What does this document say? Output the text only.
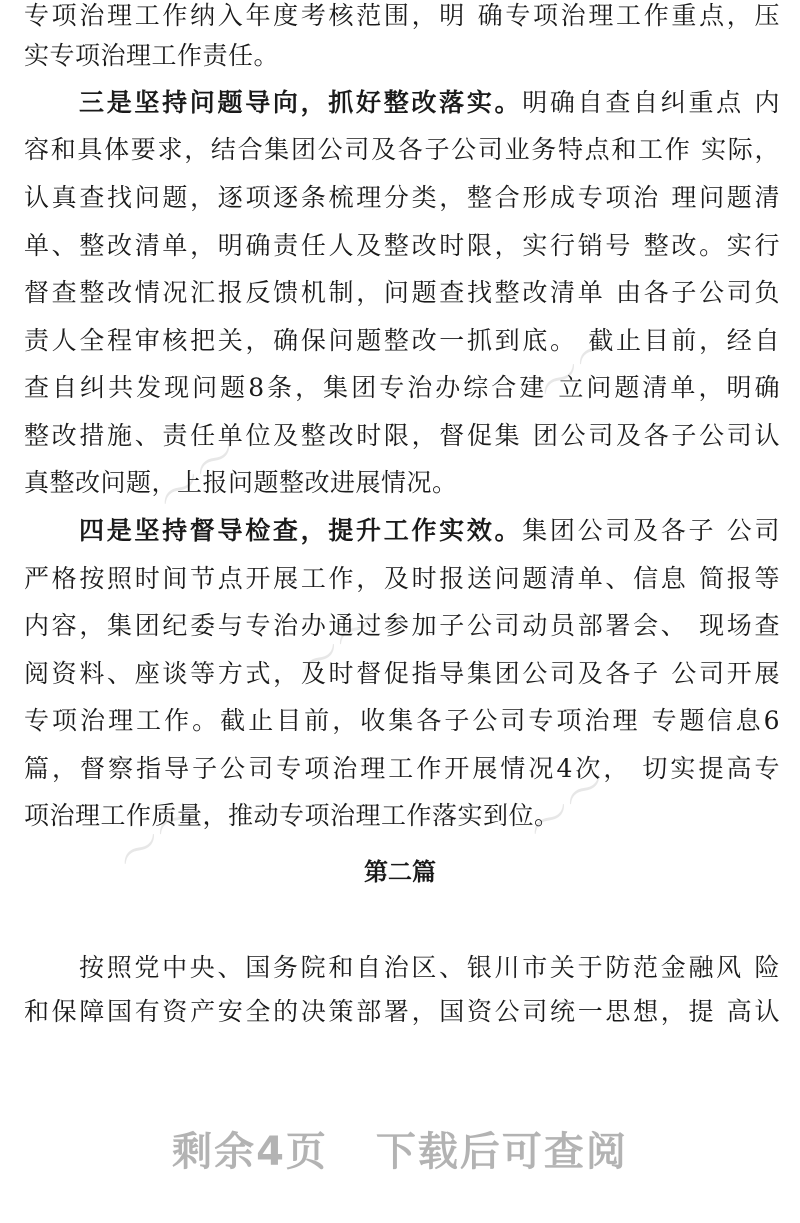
〜〜
〜〜
〜〜
〜〜
〜〜
专项治理工作纳入年度考核范围，明 确专项治理工作重点，压
实专项治理工作责任。
三是坚持问题导向，抓好整改落实。明确自查自纠重点 内
容和具体要求，结合集团公司及各子公司业务特点和工作 实际，
认真查找问题，逐项逐条梳理分类，整合形成专项治 理问题清
单、整改清单，明确责任人及整改时限，实行销号 整改。实行
督查整改情况汇报反馈机制，问题查找整改清单 由各子公司负
责人全程审核把关，确保问题整改一抓到底。 截止目前，经自
查自纠共发现问题8条，集团专治办综合建 立问题清单，明确
整改措施、责任单位及整改时限，督促集 团公司及各子公司认
真整改问题，上报问题整改进展情况。
四是坚持督导检查，提升工作实效。集团公司及各子 公司
严格按照时间节点开展工作，及时报送问题清单、信息 简报等
内容，集团纪委与专治办通过参加子公司动员部署会、 现场查
阅资料、座谈等方式，及时督促指导集团公司及各子 公司开展
专项治理工作。截止目前，收集各子公司专项治理 专题信息6
篇，督察指导子公司专项治理工作开展情况4次， 切实提高专
项治理工作质量，推动专项治理工作落实到位。
第二篇
按照党中央、国务院和自治区、银川市关于防范金融风 险
和保障国有资产安全的决策部署，国资公司统一思想，提 高认
剩余4页 下载后可查阅
